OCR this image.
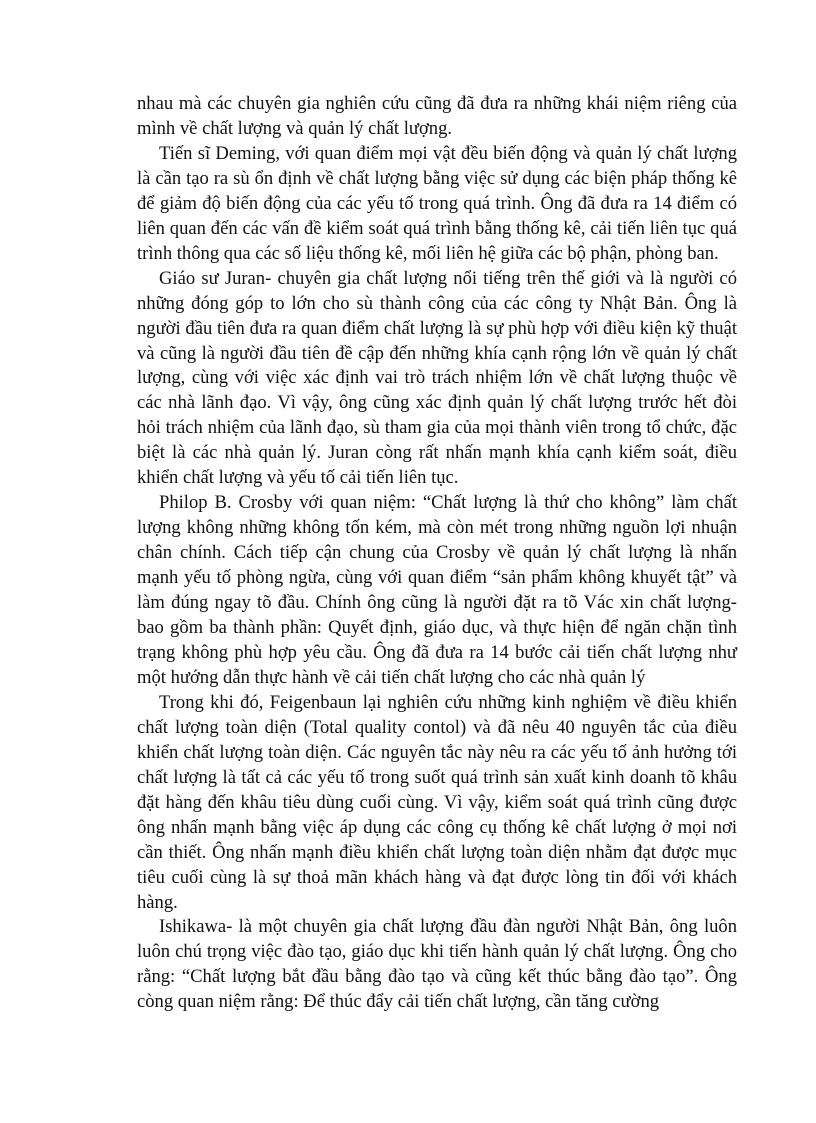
nhau mà các chuyên gia nghiên cứu cũng đã đưa ra những khái niệm riêng của mình về chất lượng và quản lý chất lượng.

Tiến sĩ Deming, với quan điểm mọi vật đều biến động và quản lý chất lượng là cần tạo ra sù ổn định về chất lượng bằng việc sử dụng các biện pháp thống kê để giảm độ biến động của các yếu tố trong quá trình. Ông đã đưa ra 14 điểm có liên quan đến các vấn đề kiểm soát quá trình bằng thống kê, cải tiến liên tục quá trình thông qua các số liệu thống kê, mối liên hệ giữa các bộ phận, phòng ban.

Giáo sư Juran- chuyên gia chất lượng nổi tiếng trên thế giới và là người có những đóng góp to lớn cho sù thành công của các công ty Nhật Bản. Ông là người đầu tiên đưa ra quan điểm chất lượng là sự phù hợp với điều kiện kỹ thuật và cũng là người đầu tiên đề cập đến những khía cạnh rộng lớn về quản lý chất lượng, cùng với việc xác định vai trò trách nhiệm lớn về chất lượng thuộc về các nhà lãnh đạo. Vì vậy, ông cũng xác định quản lý chất lượng trước hết đòi hỏi trách nhiệm của lãnh đạo, sù tham gia của mọi thành viên trong tổ chức, đặc biệt là các nhà quản lý. Juran còng rất nhấn mạnh khía cạnh kiểm soát, điều khiển chất lượng và yếu tố cải tiến liên tục.

Philop B. Crosby với quan niệm: “Chất lượng là thứ cho không” làm chất lượng không những không tốn kém, mà còn mét trong những nguồn lợi nhuận chân chính. Cách tiếp cận chung của Crosby về quản lý chất lượng là nhấn mạnh yếu tố phòng ngừa, cùng với quan điểm “sản phẩm không khuyết tật” và làm đúng ngay tõ đầu. Chính ông cũng là người đặt ra tõ Vác xin chất lượng- bao gồm ba thành phần: Quyết định, giáo dục, và thực hiện để ngăn chặn tình trạng không phù hợp yêu cầu. Ông đã đưa ra 14 bước cải tiến chất lượng như một hướng dẫn thực hành về cải tiến chất lượng cho các nhà quản lý

Trong khi đó, Feigenbaun lại nghiên cứu những kinh nghiệm về điều khiển chất lượng toàn diện (Total quality contol) và đã nêu 40 nguyên tắc của điều khiển chất lượng toàn diện. Các nguyên tắc này nêu ra các yếu tố ảnh hưởng tới chất lượng là tất cả các yếu tố trong suốt quá trình sản xuất kinh doanh tõ khâu đặt hàng đến khâu tiêu dùng cuối cùng. Vì vậy, kiểm soát quá trình cũng được ông nhấn mạnh bằng việc áp dụng các công cụ thống kê chất lượng ở mọi nơi cần thiết. Ông nhấn mạnh điều khiển chất lượng toàn diện nhằm đạt được mục tiêu cuối cùng là sự thoả mãn khách hàng và đạt được lòng tin đối với khách hàng.

Ishikawa- là một chuyên gia chất lượng đầu đàn người Nhật Bản, ông luôn luôn chú trọng việc đào tạo, giáo dục khi tiến hành quản lý chất lượng. Ông cho rằng: “Chất lượng bắt đầu bằng đào tạo và cũng kết thúc bằng đào tạo”. Ông còng quan niệm rằng: Để thúc đẩy cải tiến chất lượng, cần tăng cường
